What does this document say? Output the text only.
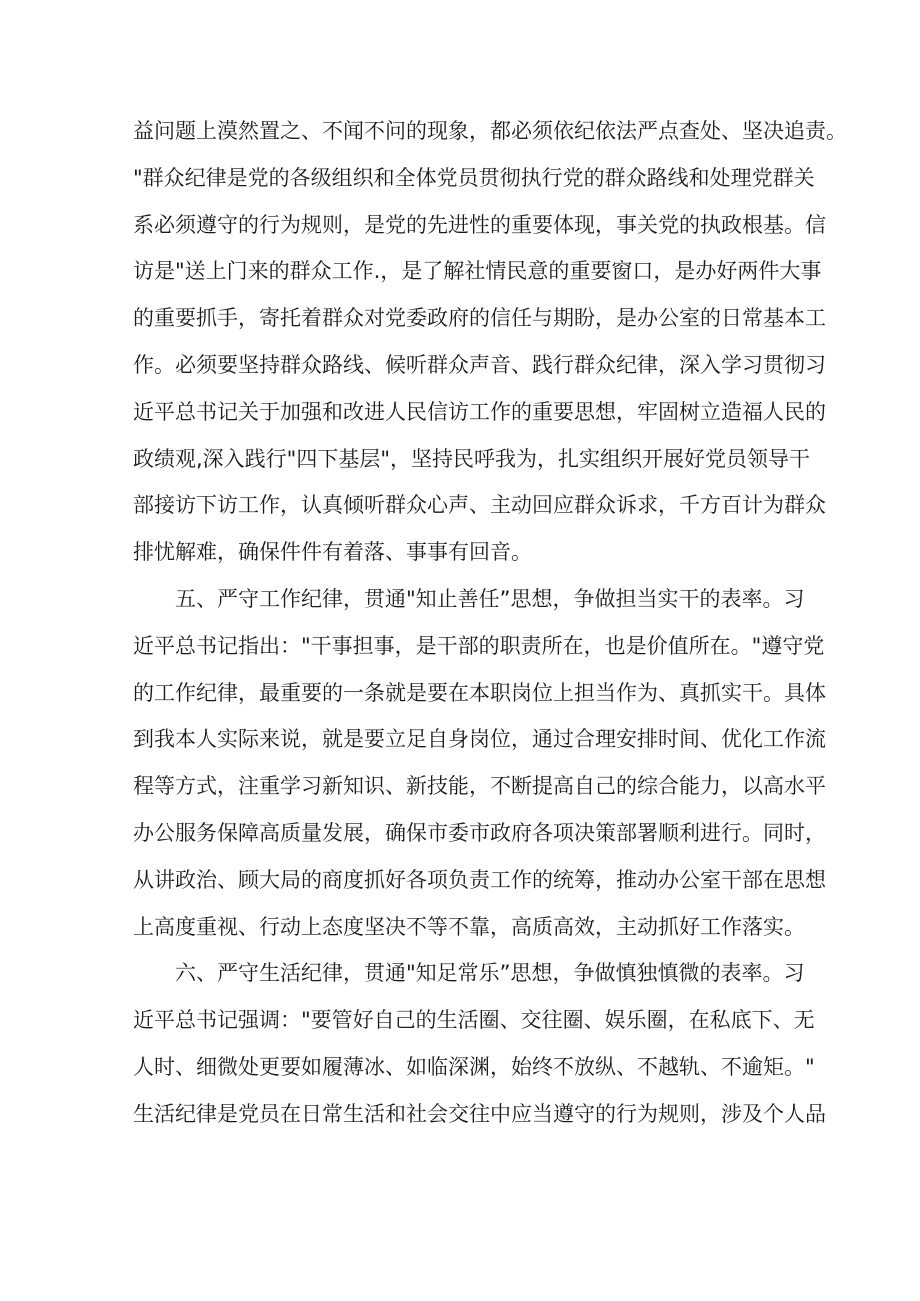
益问题上漠然置之、不闻不问的现象，都必须依纪依法严点查处、坚决追责。
"群众纪律是党的各级组织和全体党员贯彻执行党的群众路线和处理党群关
系必须遵守的行为规则，是党的先进性的重要体现，事关党的执政根基。信
访是"送上门来的群众工作.，是了解社情民意的重要窗口，是办好两件大事
的重要抓手，寄托着群众对党委政府的信任与期盼，是办公室的日常基本工
作。必须要坚持群众路线、候听群众声音、践行群众纪律，深入学习贯彻习
近平总书记关于加强和改进人民信访工作的重要思想，牢固树立造福人民的
政绩观,深入践行"四下基层"，坚持民呼我为，扎实组织开展好党员领导干
部接访下访工作，认真倾听群众心声、主动回应群众诉求，千方百计为群众
排忧解难，确保件件有着落、事事有回音。
五、严守工作纪律，贯通"知止善任”思想，争做担当实干的表率。习
近平总书记指出："干事担事，是干部的职责所在，也是价值所在。"遵守党
的工作纪律，最重要的一条就是要在本职岗位上担当作为、真抓实干。具体
到我本人实际来说，就是要立足自身岗位，通过合理安排时间、优化工作流
程等方式，注重学习新知识、新技能，不断提高自己的综合能力，以高水平
办公服务保障高质量发展，确保市委市政府各项决策部署顺利进行。同时，
从讲政治、顾大局的商度抓好各项负责工作的统筹，推动办公室干部在思想
上高度重视、行动上态度坚决不等不靠，高质高效，主动抓好工作落实。
六、严守生活纪律，贯通"知足常乐”思想，争做慎独慎微的表率。习
近平总书记强调："要管好自己的生活圈、交往圈、娱乐圈，在私底下、无
人时、细微处更要如履薄冰、如临深渊，始终不放纵、不越轨、不逾矩。"
生活纪律是党员在日常生活和社会交往中应当遵守的行为规则，涉及个人品
